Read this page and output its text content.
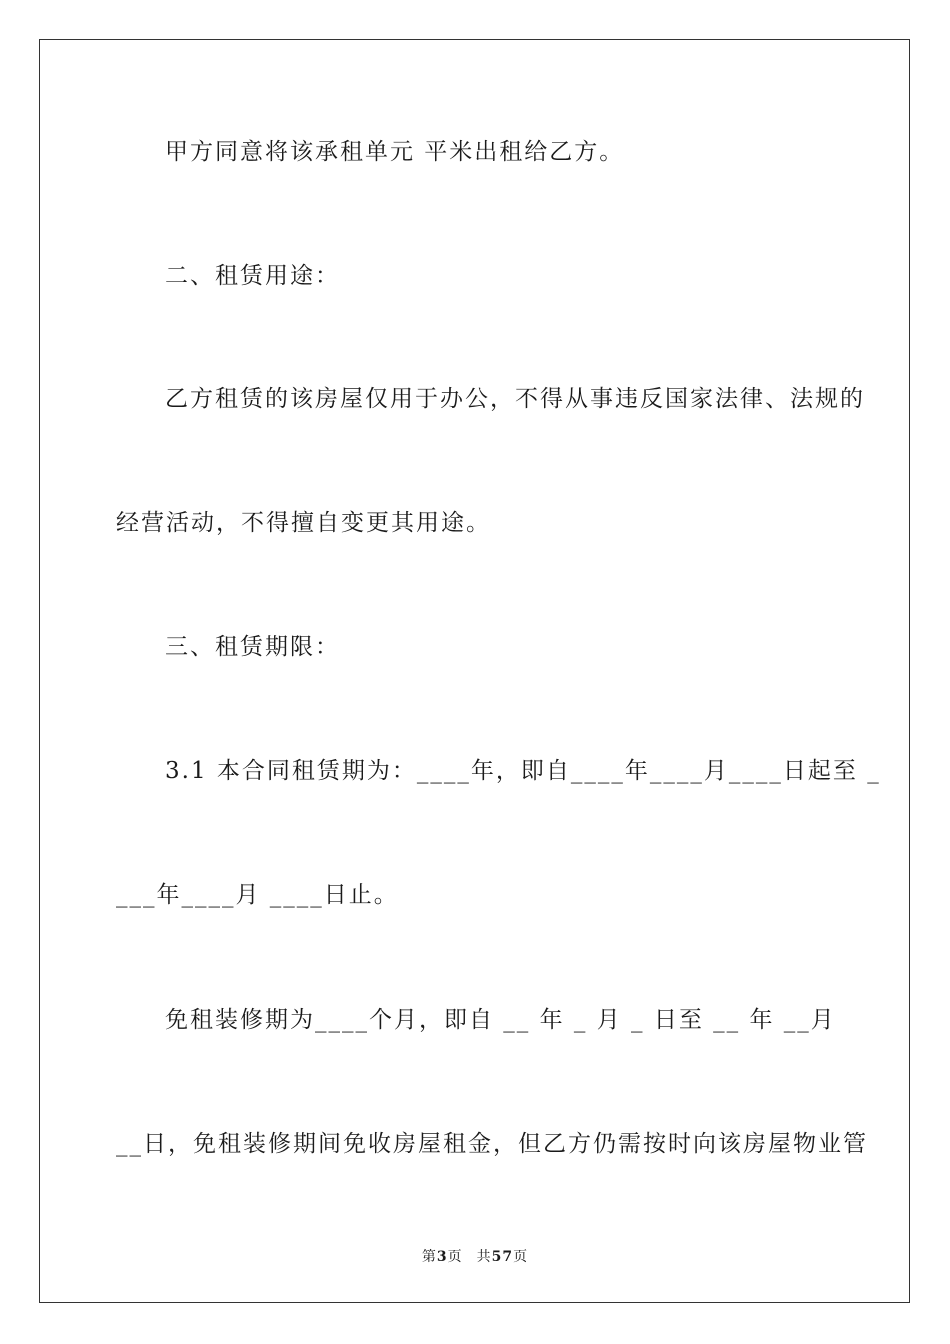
甲方同意将该承租单元 平米出租给乙方。
二、租赁用途：
乙方租赁的该房屋仅用于办公，不得从事违反国家法律、法规的
经营活动，不得擅自变更其用途。
三、租赁期限：
3.1 本合同租赁期为：____年，即自____年____月____日起至 _
___年____月 ____日止。
免租装修期为____个月，即自 __ 年 _ 月 _ 日至 __ 年 __月
__日，免租装修期间免收房屋租金，但乙方仍需按时向该房屋物业管
第3页 共57页
